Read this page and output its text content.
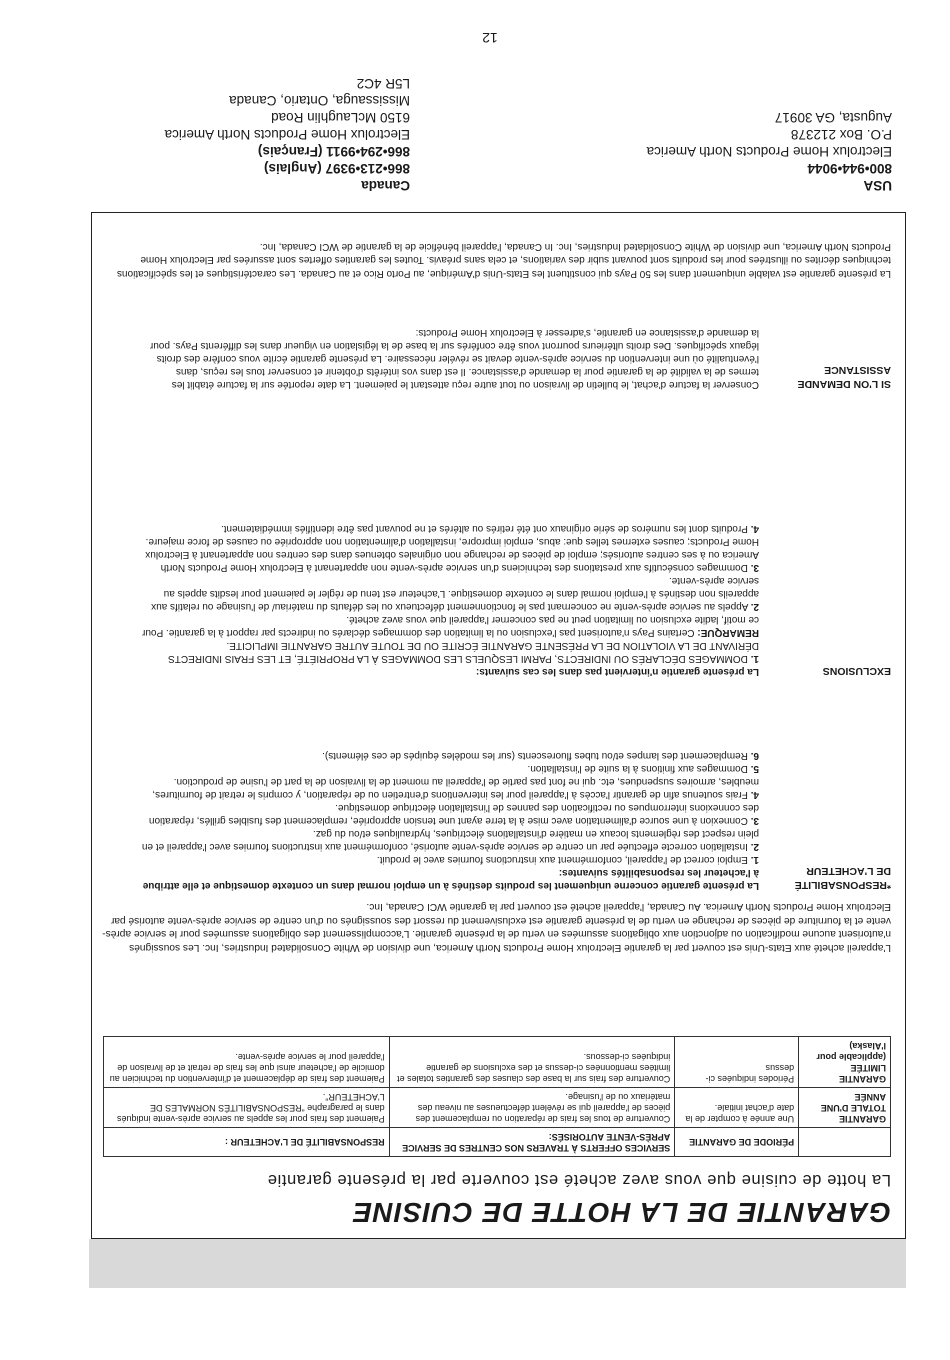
GARANTIE DE LA HOTTE DE CUISINE
La hotte de cuisine que vous avez acheté est couverte par la présente garantie
	PÉRIODE DE GARANTIE	SERVICES OFFERTS À TRAVERS NOS CENTRES DE SERVICE APRÈS-VENTE AUTORISÉS:	RESPONSABILITÉ DE L'ACHETEUR :
GARANTIE TOTALE D'UNE ANNÉE	Une année à compter de la date d'achat initiale.	Couverture de tous les frais de réparation ou remplacement des pièces de l'appareil qui se révèlent défectueuses au niveau des matériaux ou de l'usinage.	Paiement des frais pour les appels au service après-vente indiqués dans le paragraphe “RESPONSABILITÉS NORMALES DE L'ACHETEUR”.
GARANTIE LIMITÉE (applicable pour l'Alaska)	Périodes indiquées ci-dessus	Couverture des frais sur la base des clauses des garanties totales et limitées mentionnées ci-dessus et des exclusions de garantie indiquées ci-dessous.	Paiement des frais de déplacement et d'intervention du technicien au domicile de l'acheteur ainsi que les frais de retrait et de livraison de l'appareil pour le service après-vente.
L'appareil acheté aux Etats-Unis est couvert par la garantie Electrolux Home Products North America, une division de White Consolidated Industries, Inc. Les soussignés n'autorisent aucune modification ou adjonction aux obligations assumées en vertu de la présente garantie. L'accomplissement des obligations assumées pour le service après-vente et la fourniture de pièces de rechange en vertu de la présente garantie est exclusivement du ressort des soussignés ou d'un centre de service après-vente autorisé par Electrolux Home Products North America. Au Canada, l'appareil acheté est couvert par la garantie WCI Canada, Inc.
*RESPONSABILITÉ DE L'ACHETEUR

La présente garantie concerne uniquement les produits destinés à un emploi normal dans un contexte domestique et elle attribue à l'acheteur les responsabilités suivantes:

1. Emploi correct de l'appareil, conformément aux instructions fournies avec le produit.

2. Installation correcte effectuée par un centre de service après-vente autorisé, conformément aux instructions fournies avec l'appareil et en plein respect des règlements locaux en matière d'installations électriques, hydrauliques et/ou du gaz.

3. Connexion à une source d'alimentation avec mise à la terre ayant une tension appropriée, remplacement des fusibles grillés, réparation des connexions interrompues ou rectification des pannes de l'installation électrique domestique.

4. Frais soutenus afin de garantir l'accès à l'appareil pour les interventions d'entretien ou de réparation, y compris le retrait de fournitures, meubles, armoires suspendues, etc. qui ne font pas partie de l'appareil au moment de la livraison de la part de l'usine de production.

5. Dommages aux finitions à la suite de l'installation.

6. Remplacement des lampes et/ou tubes fluorescents (sur les modèles équipés de ces éléments).

EXCLUSIONS

La présente garantie n'intervient pas dans les cas suivants:

1. DOMMAGES DÉCLARÉS OU INDIRECTS, PARMI LESQUELS LES DOMMAGES À LA PROPRIÉTÉ, ET LES FRAIS INDIRECTS DÉRIVANT DE LA VIOLATION DE LA PRÉSENTE GARANTIE ÉCRITE OU DE TOUTE AUTRE GARANTIE IMPLICITE.

REMARQUE: Certains Pays n'autorisent pas l'exclusion ou la limitation des dommages déclarés ou indirects par rapport à la garantie. Pour ce motif, ladite exclusion ou limitation peut ne pas concerner l'appareil que vous avez acheté.

2. Appels au service après-vente ne concernant pas le fonctionnement défectueux ou les défauts du matériau/ de l'usinage ou relatifs aux appareils non destinés à l'emploi normal dans le contexte domestique. L'acheteur est tenu de régler le paiement pour lesdits appels au service après-vente.

3. Dommages consécutifs aux prestations des techniciens d'un service après-vente non appartenant à Electrolux Home Products North America ou à ses centres autorisés; emploi de pièces de rechange non originales obtenues dans des centres non appartenant à Electrolux Home Products; causes externes telles que: abus, emploi impropre, installation d'alimentation non appropriée ou causes de force majeure.

4. Produits dont les numéros de série originaux ont été retirés ou altérés et ne pouvant pas être identifiés immédiatement.

SI L'ON DEMANDE ASSISTANCE

Conserver la facture d'achat, le bulletin de livraison ou tout autre reçu attestant le paiement. La date reportée sur la facture établit les termes de la validité de la garantie pour la demande d'assistance. Il est dans vos intérêts d'obtenir et conserver tous les reçus, dans l'éventualité où une intervention du service après-vente devait se révéler nécessaire. La présente garantie écrite vous confère des droits légaux spécifiques. Des droits ultérieurs pourront vous être conférés sur la base de la législation en vigueur dans les différents Pays. pour la demande d'assistance en garantie, s'adresser à Electrolux Home Products:

La présente garantie est valable uniquement dans les 50 Pays qui constituent les Etats-Unis d'Amérique, au Porto Rico et au Canada. Les caractéristiques et les spécifications techniques décrites ou illustrées pour les produits sont pouvant subir des variations, et cela sans préavis. Toutes les garanties offertes sont assurées par Electrolux Home Products North America, une division de White Consolidated Industries, Inc. In Canada, l'appareil bénéficie de la garantie de WCI Canada, Inc.
USA
800•944•9044
Electrolux Home Products North America
P.O. Box 212378
Augusta, GA 30917
Canada
866•213•9397 (Anglais)
866•294•9911 (Français)
Electrolux Home Products North America
6150 McLaughlin Road
Mississauga, Ontario, Canada
L5R 4C2
12
